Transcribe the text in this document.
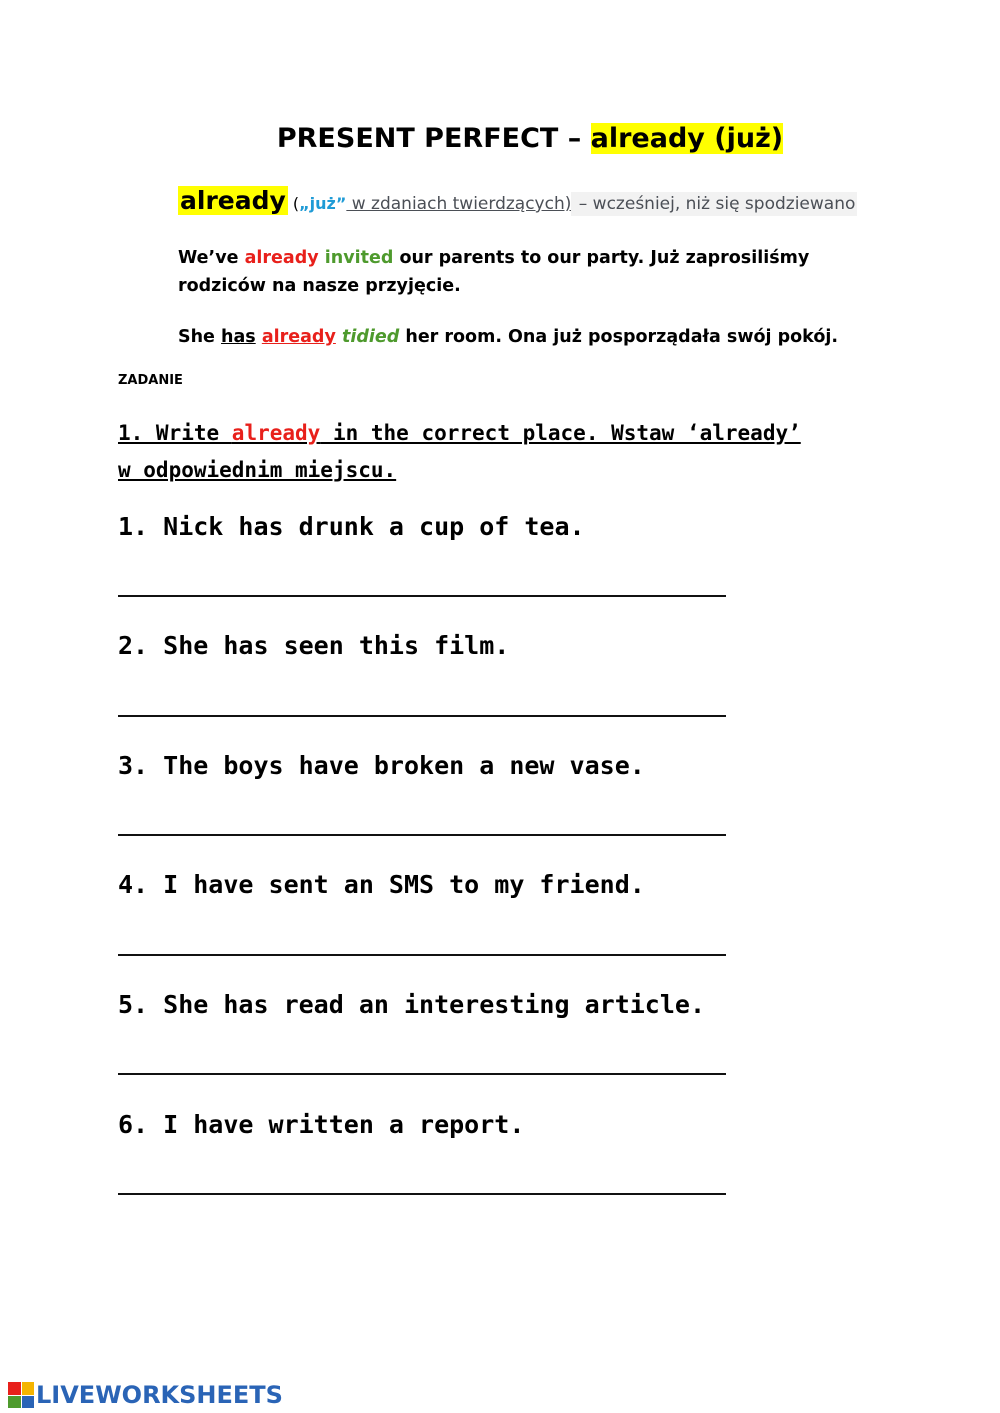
PRESENT PERFECT – already (już)
already („już” w zdaniach twierdzących) – wcześniej, niż się spodziewano
We’ve already invited our parents to our party. Już zaprosiliśmy rodziców na nasze przyjęcie.
She has already tidied her room. Ona już posporządała swój pokój.
ZADANIE
1. Write already in the correct place. Wstaw ‘already’ w odpowiednim miejscu.
1. Nick has drunk a cup of tea.
2. She has seen this film.
3. The boys have broken a new vase.
4. I have sent an SMS to my friend.
5. She has read an interesting article.
6. I have written a report.
LIVEWORKSHEETS
